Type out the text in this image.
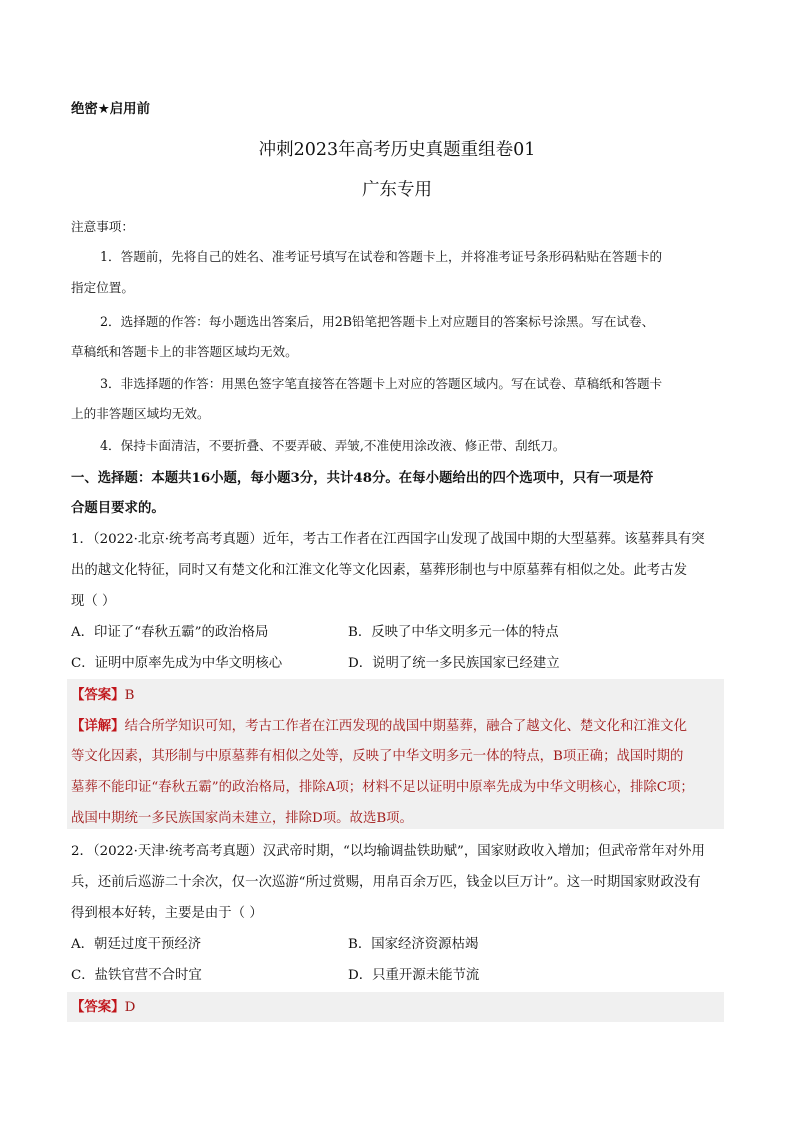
绝密★启用前
冲刺2023年高考历史真题重组卷01
广东专用
注意事项：
1．答题前，先将自己的姓名、准考证号填写在试卷和答题卡上，并将准考证号条形码粘贴在答题卡的
指定位置。
2．选择题的作答：每小题选出答案后，用2B铅笔把答题卡上对应题目的答案标号涂黑。写在试卷、
草稿纸和答题卡上的非答题区域均无效。
3．非选择题的作答：用黑色签字笔直接答在答题卡上对应的答题区域内。写在试卷、草稿纸和答题卡
上的非答题区域均无效。
4．保持卡面清洁，不要折叠、不要弄破、弄皱,不准使用涂改液、修正带、刮纸刀。
一、选择题：本题共16小题，每小题3分，共计48分。在每小题给出的四个选项中，只有一项是符
合题目要求的。
1．（2022·北京·统考高考真题）近年，考古工作者在江西国字山发现了战国中期的大型墓葬。该墓葬具有突
出的越文化特征，同时又有楚文化和江淮文化等文化因素，墓葬形制也与中原墓葬有相似之处。此考古发
现（ ）
A．印证了“春秋五霸”的政治格局	B．反映了中华文明多元一体的特点
C．证明中原率先成为中华文明核心	D．说明了统一多民族国家已经建立
【答案】B
【详解】结合所学知识可知，考古工作者在江西发现的战国中期墓葬，融合了越文化、楚文化和江淮文化
等文化因素，其形制与中原墓葬有相似之处等，反映了中华文明多元一体的特点，B项正确；战国时期的
墓葬不能印证“春秋五霸”的政治格局，排除A项；材料不足以证明中原率先成为中华文明核心，排除C项；
战国中期统一多民族国家尚未建立，排除D项。故选B项。
2．（2022·天津·统考高考真题）汉武帝时期，“以均输调盐铁助赋”，国家财政收入增加；但武帝常年对外用
兵，还前后巡游二十余次，仅一次巡游“所过赏赐，用帛百余万匹，钱金以巨万计”。这一时期国家财政没有
得到根本好转，主要是由于（ ）
A．朝廷过度干预经济	B．国家经济资源枯竭
C．盐铁官营不合时宜	D．只重开源未能节流
【答案】D
